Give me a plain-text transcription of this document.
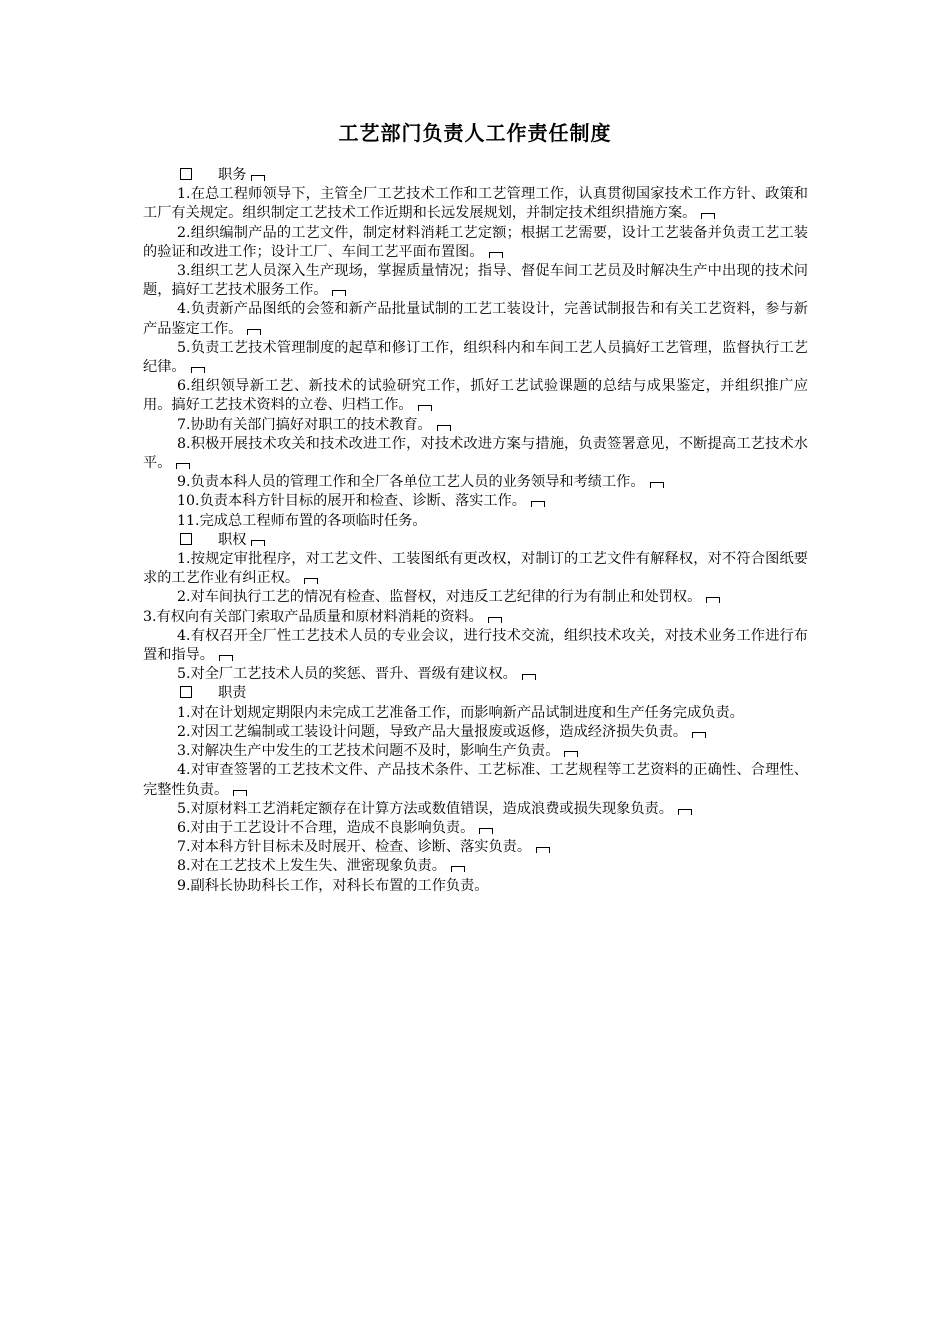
工艺部门负责人工作责任制度

职务

1.在总工程师领导下，主管全厂工艺技术工作和工艺管理工作，认真贯彻国家技术工作方针、政策和工厂有关规定。组织制定工艺技术工作近期和长远发展规划，并制定技术组织措施方案。

2.组织编制产品的工艺文件，制定材料消耗工艺定额；根据工艺需要，设计工艺装备并负责工艺工装的验证和改进工作；设计工厂、车间工艺平面布置图。

3.组织工艺人员深入生产现场，掌握质量情况；指导、督促车间工艺员及时解决生产中出现的技术问题，搞好工艺技术服务工作。

4.负责新产品图纸的会签和新产品批量试制的工艺工装设计，完善试制报告和有关工艺资料，参与新产品鉴定工作。

5.负责工艺技术管理制度的起草和修订工作，组织科内和车间工艺人员搞好工艺管理，监督执行工艺纪律。

6.组织领导新工艺、新技术的试验研究工作，抓好工艺试验课题的总结与成果鉴定，并组织推广应用。搞好工艺技术资料的立卷、归档工作。

7.协助有关部门搞好对职工的技术教育。

8.积极开展技术攻关和技术改进工作，对技术改进方案与措施，负责签署意见，不断提高工艺技术水平。

9.负责本科人员的管理工作和全厂各单位工艺人员的业务领导和考绩工作。

10.负责本科方针目标的展开和检查、诊断、落实工作。

11.完成总工程师布置的各项临时任务。

职权

1.按规定审批程序，对工艺文件、工装图纸有更改权，对制订的工艺文件有解释权，对不符合图纸要求的工艺作业有纠正权。

2.对车间执行工艺的情况有检查、监督权，对违反工艺纪律的行为有制止和处罚权。

3.有权向有关部门索取产品质量和原材料消耗的资料。

4.有权召开全厂性工艺技术人员的专业会议，进行技术交流，组织技术攻关，对技术业务工作进行布置和指导。

5.对全厂工艺技术人员的奖惩、晋升、晋级有建议权。

职责

1.对在计划规定期限内未完成工艺准备工作，而影响新产品试制进度和生产任务完成负责。

2.对因工艺编制或工装设计问题，导致产品大量报废或返修，造成经济损失负责。

3.对解决生产中发生的工艺技术问题不及时，影响生产负责。

4.对审查签署的工艺技术文件、产品技术条件、工艺标准、工艺规程等工艺资料的正确性、合理性、完整性负责。

5.对原材料工艺消耗定额存在计算方法或数值错误，造成浪费或损失现象负责。

6.对由于工艺设计不合理，造成不良影响负责。

7.对本科方针目标未及时展开、检查、诊断、落实负责。

8.对在工艺技术上发生失、泄密现象负责。

9.副科长协助科长工作，对科长布置的工作负责。
